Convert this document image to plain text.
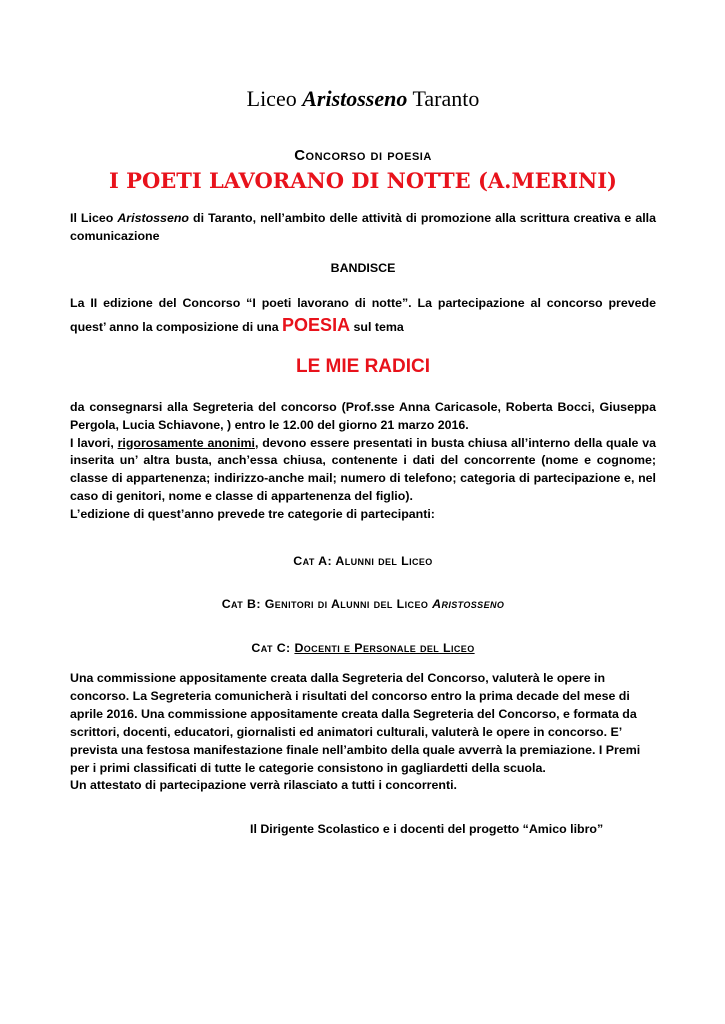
Liceo Aristosseno Taranto
Concorso di poesia
I POETI LAVORANO DI NOTTE (A.MERINI)
Il Liceo Aristosseno di Taranto, nell’ambito delle attività di promozione alla scrittura creativa e alla comunicazione
BANDISCE
La II edizione del Concorso “I poeti lavorano di notte”. La partecipazione al concorso prevede quest’ anno la composizione di una POESIA sul tema
LE MIE RADICI
da consegnarsi alla Segreteria del concorso (Prof.sse Anna Caricasole, Roberta Bocci, Giuseppa Pergola, Lucia Schiavone, ) entro le 12.00 del giorno 21 marzo 2016.
I lavori, rigorosamente anonimi, devono essere presentati in busta chiusa all’interno della quale va inserita un’ altra busta, anch’essa chiusa, contenente i dati del concorrente (nome e cognome; classe di appartenenza; indirizzo-anche mail; numero di telefono; categoria di partecipazione e, nel caso di genitori, nome e classe di appartenenza del figlio).
L’edizione di quest’anno prevede tre categorie di partecipanti:
Cat A: Alunni del Liceo
Cat B: Genitori di Alunni del Liceo Aristosseno
Cat C: Docenti e Personale del Liceo
Una commissione appositamente creata dalla Segreteria del Concorso, valuterà le opere in concorso. La Segreteria comunicherà i risultati del concorso entro la prima decade del mese di aprile 2016. Una commissione appositamente creata dalla Segreteria del Concorso, e formata da scrittori, docenti, educatori, giornalisti ed animatori culturali, valuterà le opere in concorso. E’ prevista una festosa manifestazione finale nell’ambito della quale avverrà la premiazione. I Premi per i primi classificati di tutte le categorie consistono in gagliardetti della scuola.
Un attestato di partecipazione verrà rilasciato a tutti i concorrenti.
Il Dirigente Scolastico e i docenti del progetto “Amico libro”
